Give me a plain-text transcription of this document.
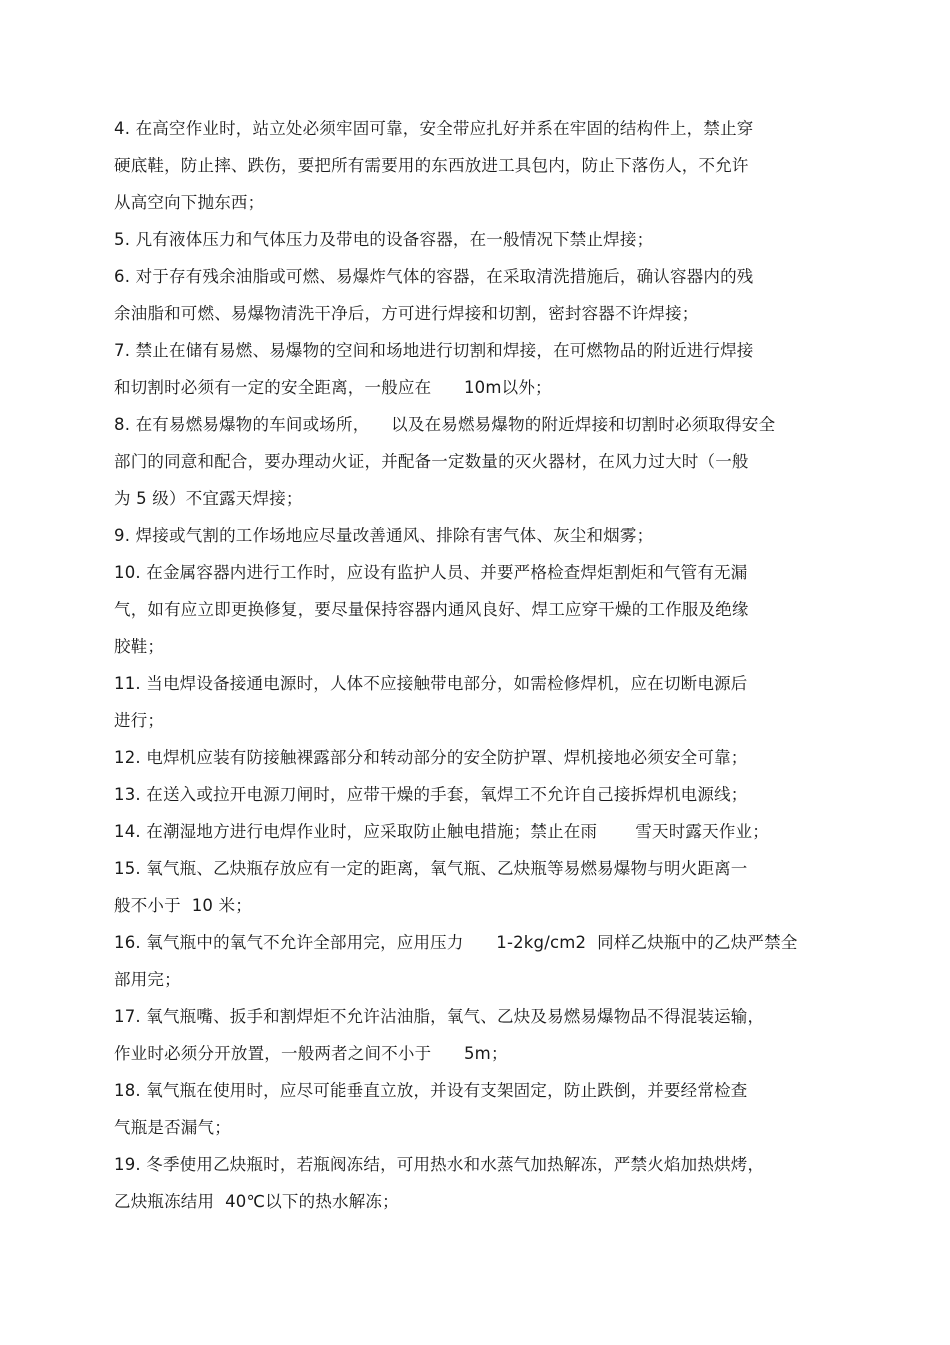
4. 在高空作业时，站立处必须牢固可靠，安全带应扎好并系在牢固的结构件上，禁止穿
硬底鞋，防止摔、跌伤，要把所有需要用的东西放进工具包内，防止下落伤人，不允许
从高空向下抛东西；
5. 凡有液体压力和气体压力及带电的设备容器，在一般情况下禁止焊接；
6. 对于存有残余油脂或可燃、易爆炸气体的容器，在采取清洗措施后，确认容器内的残
余油脂和可燃、易爆物清洗干净后，方可进行焊接和切割，密封容器不许焊接；
7. 禁止在储有易燃、易爆物的空间和场地进行切割和焊接，在可燃物品的附近进行焊接
和切割时必须有一定的安全距离，一般应在      10m以外；
8. 在有易燃易爆物的车间或场所，    以及在易燃易爆物的附近焊接和切割时必须取得安全
部门的同意和配合，要办理动火证，并配备一定数量的灭火器材，在风力过大时（一般
为 5 级）不宜露天焊接；
9. 焊接或气割的工作场地应尽量改善通风、排除有害气体、灰尘和烟雾；
10. 在金属容器内进行工作时，应设有监护人员、并要严格检查焊炬割炬和气管有无漏
气，如有应立即更换修复，要尽量保持容器内通风良好、焊工应穿干燥的工作服及绝缘
胶鞋；
11. 当电焊设备接通电源时，人体不应接触带电部分，如需检修焊机，应在切断电源后
进行；
12. 电焊机应装有防接触裸露部分和转动部分的安全防护罩、焊机接地必须安全可靠；
13. 在送入或拉开电源刀闸时，应带干燥的手套，氧焊工不允许自己接拆焊机电源线；
14. 在潮湿地方进行电焊作业时，应采取防止触电措施；禁止在雨       雪天时露天作业；
15. 氧气瓶、乙炔瓶存放应有一定的距离，氧气瓶、乙炔瓶等易燃易爆物与明火距离一
般不小于  10 米；
16. 氧气瓶中的氧气不允许全部用完，应用压力      1-2kg/cm2  同样乙炔瓶中的乙炔严禁全
部用完；
17. 氧气瓶嘴、扳手和割焊炬不允许沾油脂，氧气、乙炔及易燃易爆物品不得混装运输，
作业时必须分开放置，一般两者之间不小于      5m；
18. 氧气瓶在使用时，应尽可能垂直立放，并设有支架固定，防止跌倒，并要经常检查
气瓶是否漏气；
19. 冬季使用乙炔瓶时，若瓶阀冻结，可用热水和水蒸气加热解冻，严禁火焰加热烘烤，
乙炔瓶冻结用  40℃以下的热水解冻；
